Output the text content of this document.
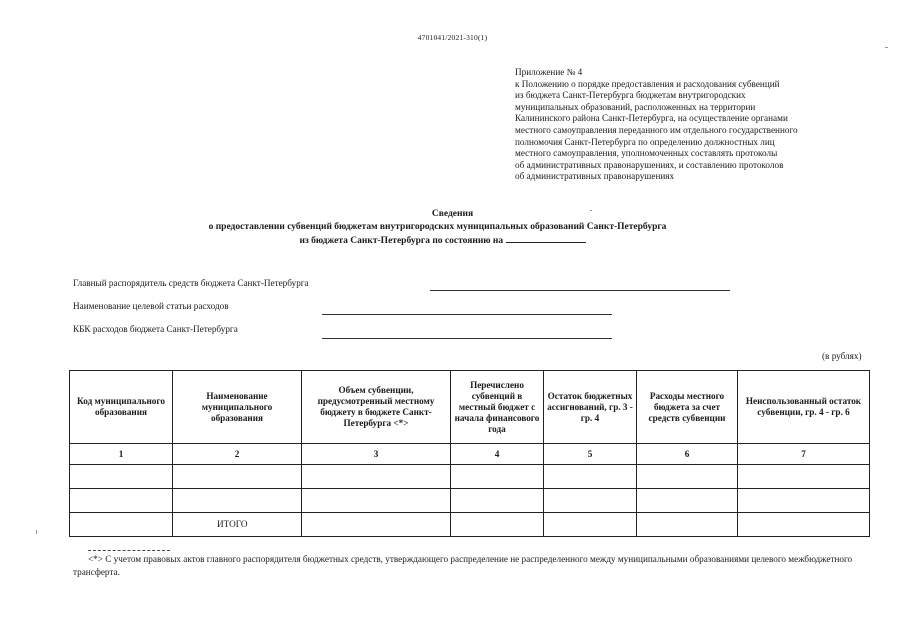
4701041/2021-310(1)
Приложение № 4
к Положению о порядке предоставления и расходования субвенций
из бюджета Санкт-Петербурга бюджетам внутригородских
муниципальных образований, расположенных на территории
Калининского района Санкт-Петербурга, на осуществление органами
местного самоуправления переданного им отдельного государственного
полномочия Санкт-Петербурга по определению должностных лиц
местного самоуправления, уполномоченных составлять протоколы
об административных правонарушениях, и составлению протоколов
об административных правонарушениях
Сведения
о предоставлении субвенций бюджетам внутригородских муниципальных образований Санкт-Петербурга
из бюджета Санкт-Петербурга по состоянию на
Главный распорядитель средств бюджета Санкт-Петербурга
Наименование целевой статьи расходов
КБК расходов бюджета Санкт-Петербурга
(в рублях)
Код муниципального образования	Наименование муниципального образования	Объем субвенции, предусмотренный местному бюджету в бюджете Санкт-Петербурга <*>	Перечислено субвенций в местный бюджет с начала финансового года	Остаток бюджетных ассигнований, гр. 3 - гр. 4	Расходы местного бюджета за счет средств субвенции	Неиспользованный остаток субвенции, гр. 4 - гр. 6
1	2	3	4	5	6	7

	ИТОГО					
<*> С учетом правовых актов главного распорядителя бюджетных средств, утверждающего распределение не распределенного между муниципальными образованиями целевого межбюджетного трансферта.
